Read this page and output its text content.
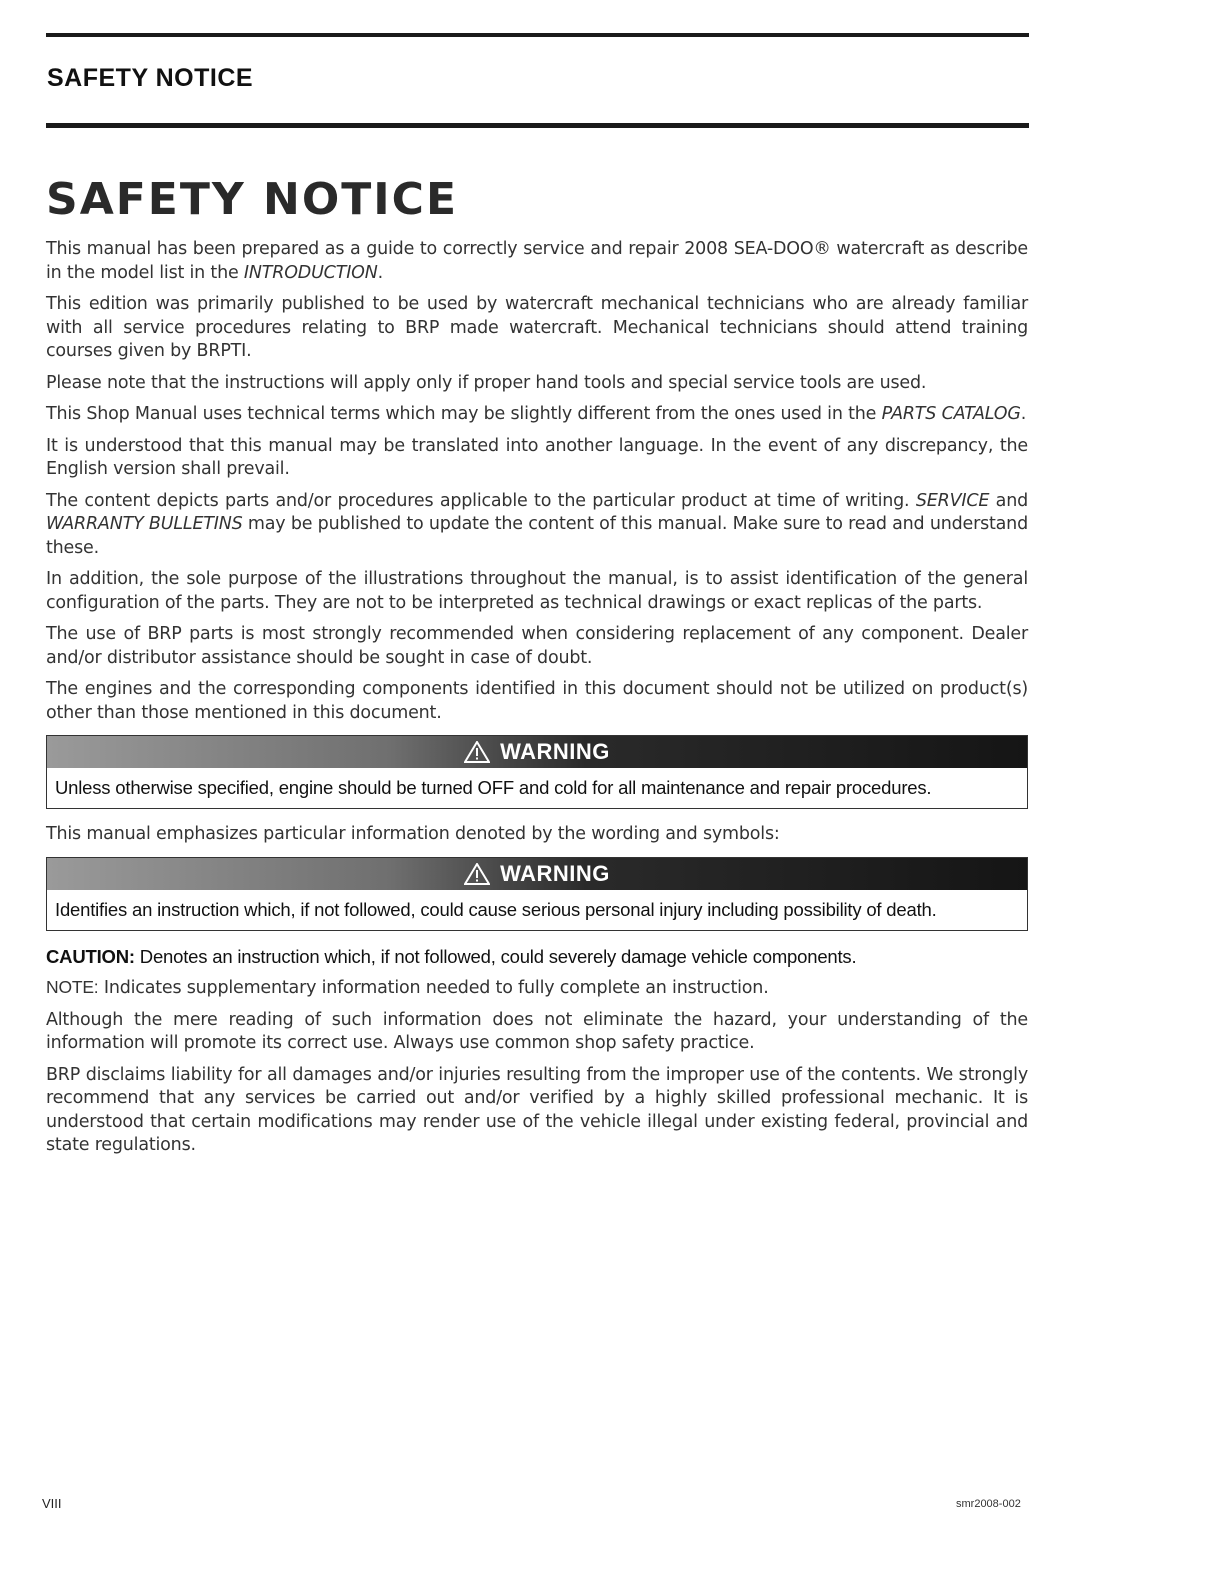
SAFETY NOTICE
SAFETY NOTICE

This manual has been prepared as a guide to correctly service and repair 2008 SEA-DOO® watercraft as describe in the model list in the INTRODUCTION.

This edition was primarily published to be used by watercraft mechanical technicians who are already familiar with all service procedures relating to BRP made watercraft. Mechanical technicians should attend training courses given by BRPTI.

Please note that the instructions will apply only if proper hand tools and special service tools are used.

This Shop Manual uses technical terms which may be slightly different from the ones used in the PARTS CATALOG.

It is understood that this manual may be translated into another language. In the event of any discrepancy, the English version shall prevail.

The content depicts parts and/or procedures applicable to the particular product at time of writing. SERVICE and WARRANTY BULLETINS may be published to update the content of this manual. Make sure to read and understand these.

In addition, the sole purpose of the illustrations throughout the manual, is to assist identification of the general configuration of the parts. They are not to be interpreted as technical drawings or exact replicas of the parts.

The use of BRP parts is most strongly recommended when considering replacement of any component. Dealer and/or distributor assistance should be sought in case of doubt.

The engines and the corresponding components identified in this document should not be utilized on product(s) other than those mentioned in this document.

WARNING
Unless otherwise specified, engine should be turned OFF and cold for all maintenance and repair procedures.

This manual emphasizes particular information denoted by the wording and symbols:

WARNING
Identifies an instruction which, if not followed, could cause serious personal injury including possibility of death.

CAUTION: Denotes an instruction which, if not followed, could severely damage vehicle components.

NOTE: Indicates supplementary information needed to fully complete an instruction.

Although the mere reading of such information does not eliminate the hazard, your understanding of the information will promote its correct use. Always use common shop safety practice.

BRP disclaims liability for all damages and/or injuries resulting from the improper use of the contents. We strongly recommend that any services be carried out and/or verified by a highly skilled professional mechanic. It is understood that certain modifications may render use of the vehicle illegal under existing federal, provincial and state regulations.

VIII	smr2008-002
